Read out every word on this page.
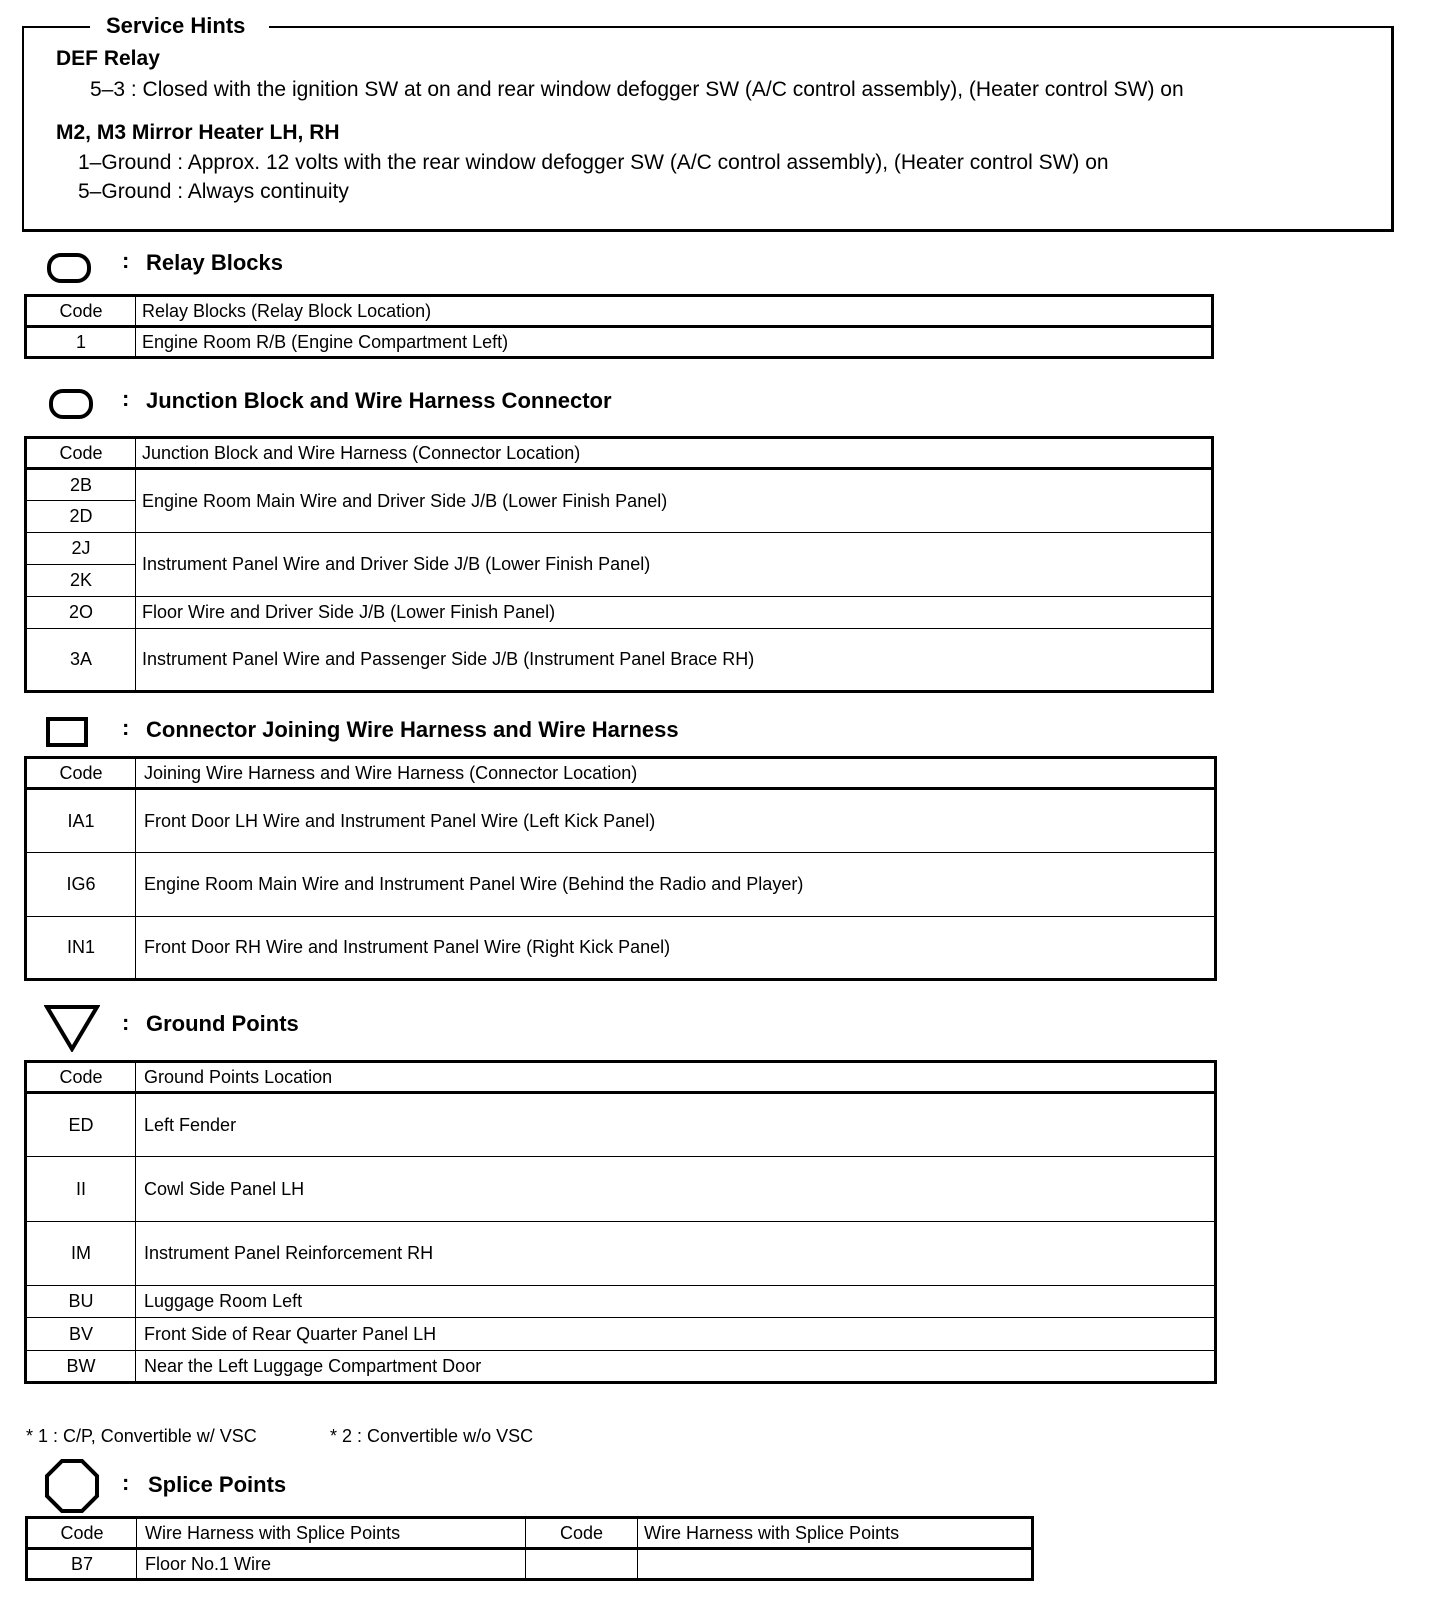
Service Hints
DEF Relay
5–3 : Closed with the ignition SW at on and rear window defogger SW (A/C control assembly), (Heater control SW) on
M2, M3 Mirror Heater LH, RH
1–Ground : Approx. 12 volts with the rear window defogger SW (A/C control assembly), (Heater control SW) on
5–Ground : Always continuity
: Relay Blocks
Code	Relay Blocks (Relay Block Location)
1	Engine Room R/B (Engine Compartment Left)
: Junction Block and Wire Harness Connector
Code	Junction Block and Wire Harness (Connector Location)
2B	Engine Room Main Wire and Driver Side J/B (Lower Finish Panel)
2D	
2J	Instrument Panel Wire and Driver Side J/B (Lower Finish Panel)
2K	
2O	Floor Wire and Driver Side J/B (Lower Finish Panel)
3A	Instrument Panel Wire and Passenger Side J/B (Instrument Panel Brace RH)
: Connector Joining Wire Harness and Wire Harness
Code	Joining Wire Harness and Wire Harness (Connector Location)
IA1	Front Door LH Wire and Instrument Panel Wire (Left Kick Panel)
IG6	Engine Room Main Wire and Instrument Panel Wire (Behind the Radio and Player)
IN1	Front Door RH Wire and Instrument Panel Wire (Right Kick Panel)
: Ground Points
Code	Ground Points Location
ED	Left Fender
II	Cowl Side Panel LH
IM	Instrument Panel Reinforcement RH
BU	Luggage Room Left
BV	Front Side of Rear Quarter Panel LH
BW	Near the Left Luggage Compartment Door
* 1 : C/P, Convertible w/ VSC	* 2 : Convertible w/o VSC
: Splice Points
Code	Wire Harness with Splice Points	Code	Wire Harness with Splice Points
B7	Floor No.1 Wire		
